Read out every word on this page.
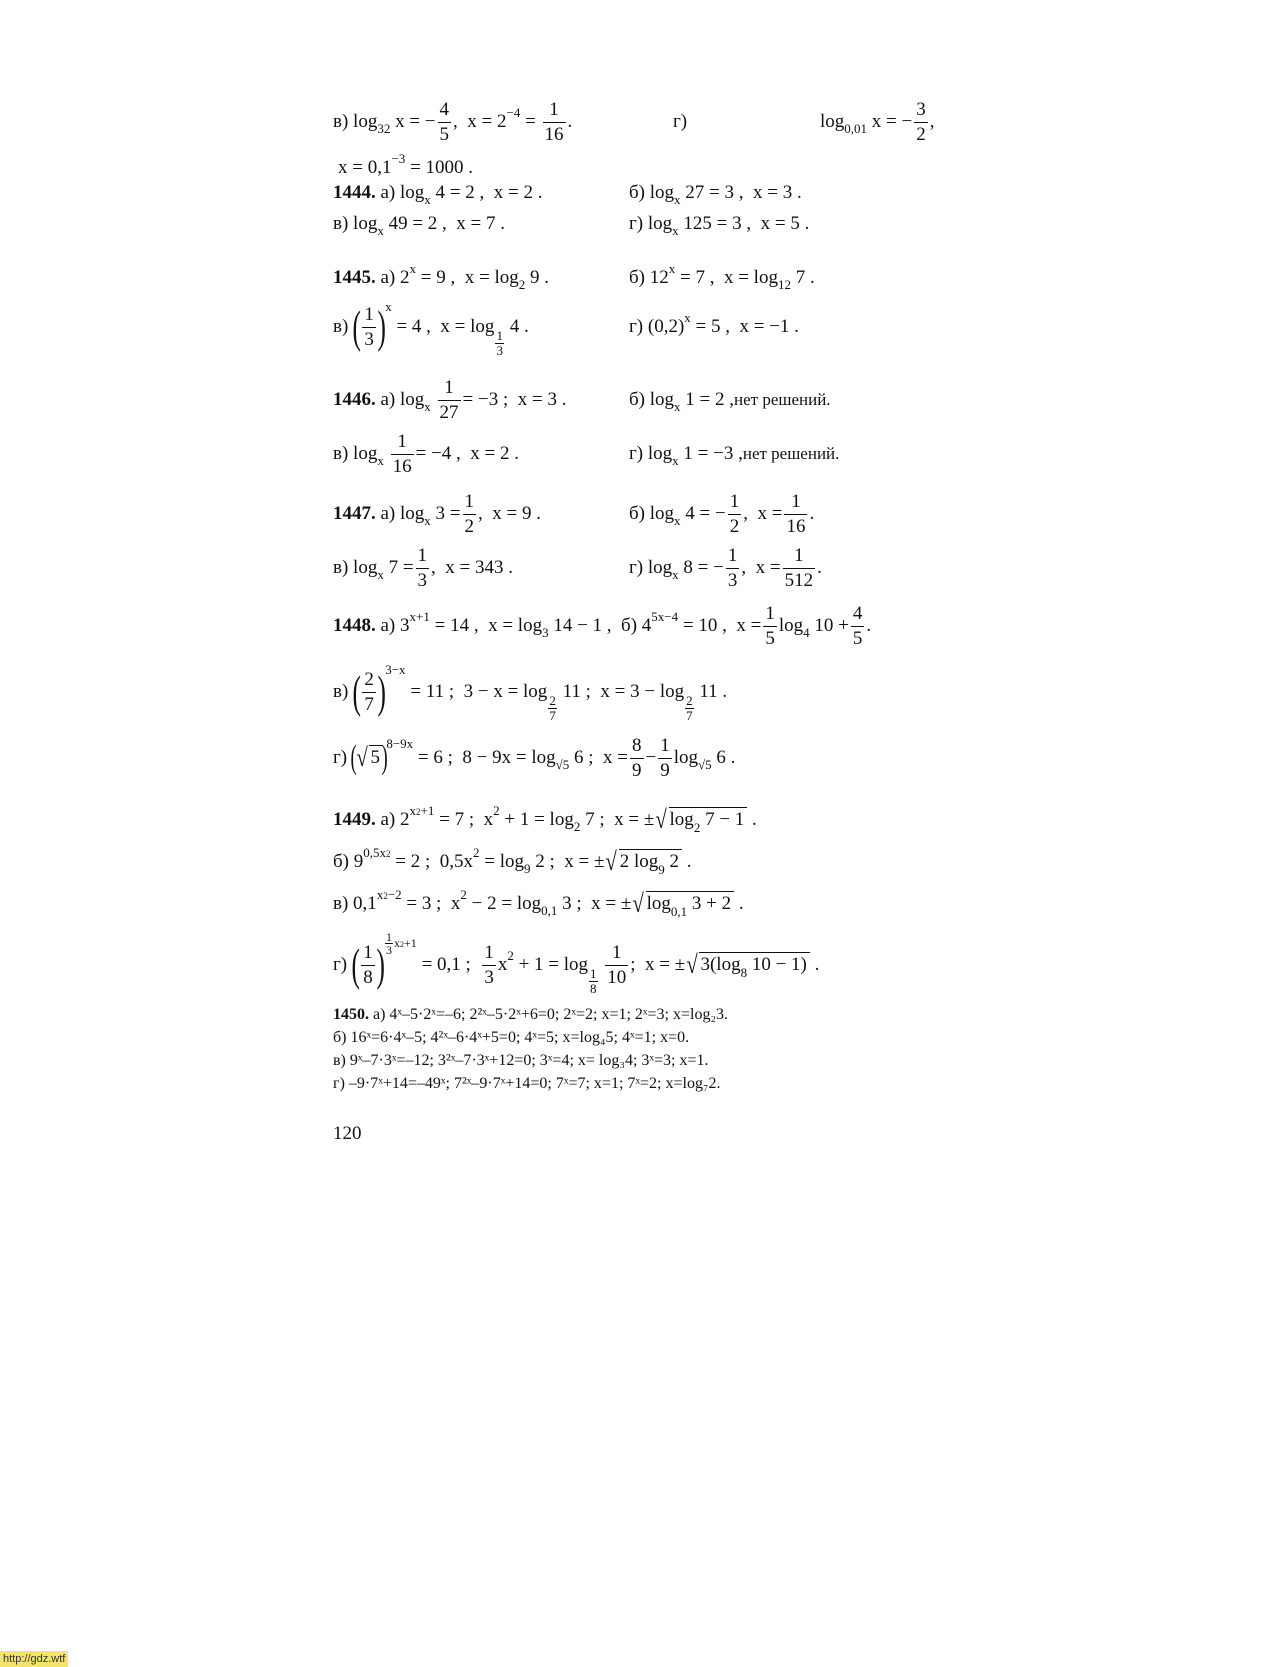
в) log 32 x = −
4
5
,  x = 2 −4 =
1
16
.	г)	log 0,01 x = −
3
2
,
x = 0,1 −3 = 1000 .
1444. а) log x 4 = 2 ,  x = 2 .	б) log x 27 = 3 ,  x = 3 .
в) log x 49 = 2 ,  x = 7 .	г) log x 125 = 3 ,  x = 5 .
1445. а) 2 x = 9 ,  x = log 2 9 .	б) 12 x = 7 ,  x = log 12 7 .
в) ( 1
3 ) x
= 4 ,  x = log 1
3
4 .	г) (0,2) x = 5 ,  x = −1 .
1446. а) log x

1
27
= −3 ;  x = 3 .	б) log x 1 = 2 , нет решений.
в) log x

1
16
= −4 ,  x = 2 .	г) log x 1 = −3 , нет решений.
1447. а) log x 3 =
1
2
,  x = 9 .	б) log x 4 = −
1
2
,  x =
1
16
.
в) log x 7 =
1
3
,  x = 343 .	г) log x 8 = −
1
3
,  x =
1
512
.
1448. а) 3 x+1 = 14 ,  x = log 3 14 − 1 ,  б) 4 5x−4 = 10 ,  x =
1
5
log 4 10 +
4
5
.
в) ( 2
7 ) 3−x
= 11 ;  3 − x = log 2
7
11 ;  x = 3 − log 2
7
11 .
г)
( √ 5 )
8−9x
= 6 ;  8 − 9x = log √5 6 ;  x =
8
9
−
1
9
log √5 6 .
1449. а) 2 x2+1 = 7 ;  x 2 + 1 = log 2 7 ;  x = ± √ $\log_2 7 - 1$ .
б) 9 0,5x2 = 2 ;  0,5x 2 = log 9 2 ;  x = ± √ 2 $\log_9 2$ .
в) 0,1 x2−2 = 3 ;  x 2 − 2 = log 0,1 3 ;  x = ± √ $\log_{0,1} 3 + 2$ .
г) ( 1
8 )
1
3 x2+1
= 0,1 ;
1
3
x 2 + 1 = log 1
8

1
10
;  x = ± √ $3(\log_8$ 10 − 1) .
1450. а) 4ˣ–5·2ˣ=–6; 2²ˣ–5·2ˣ+6=0; 2ˣ=2; x=1; 2ˣ=3; x=log₂3.
б) 16ˣ=6·4ˣ–5; 4²ˣ–6·4ˣ+5=0; 4ˣ=5; x=log₄5; 4ˣ=1; x=0.
в) 9ˣ–7·3ˣ=–12; 3²ˣ–7·3ˣ+12=0; 3ˣ=4; x= log₃4; 3ˣ=3; x=1.
г) –9·7ˣ+14=–49ˣ; 7²ˣ–9·7ˣ+14=0; 7ˣ=7; x=1; 7ˣ=2; x=log₇2.
120
http://gdz.wtf
